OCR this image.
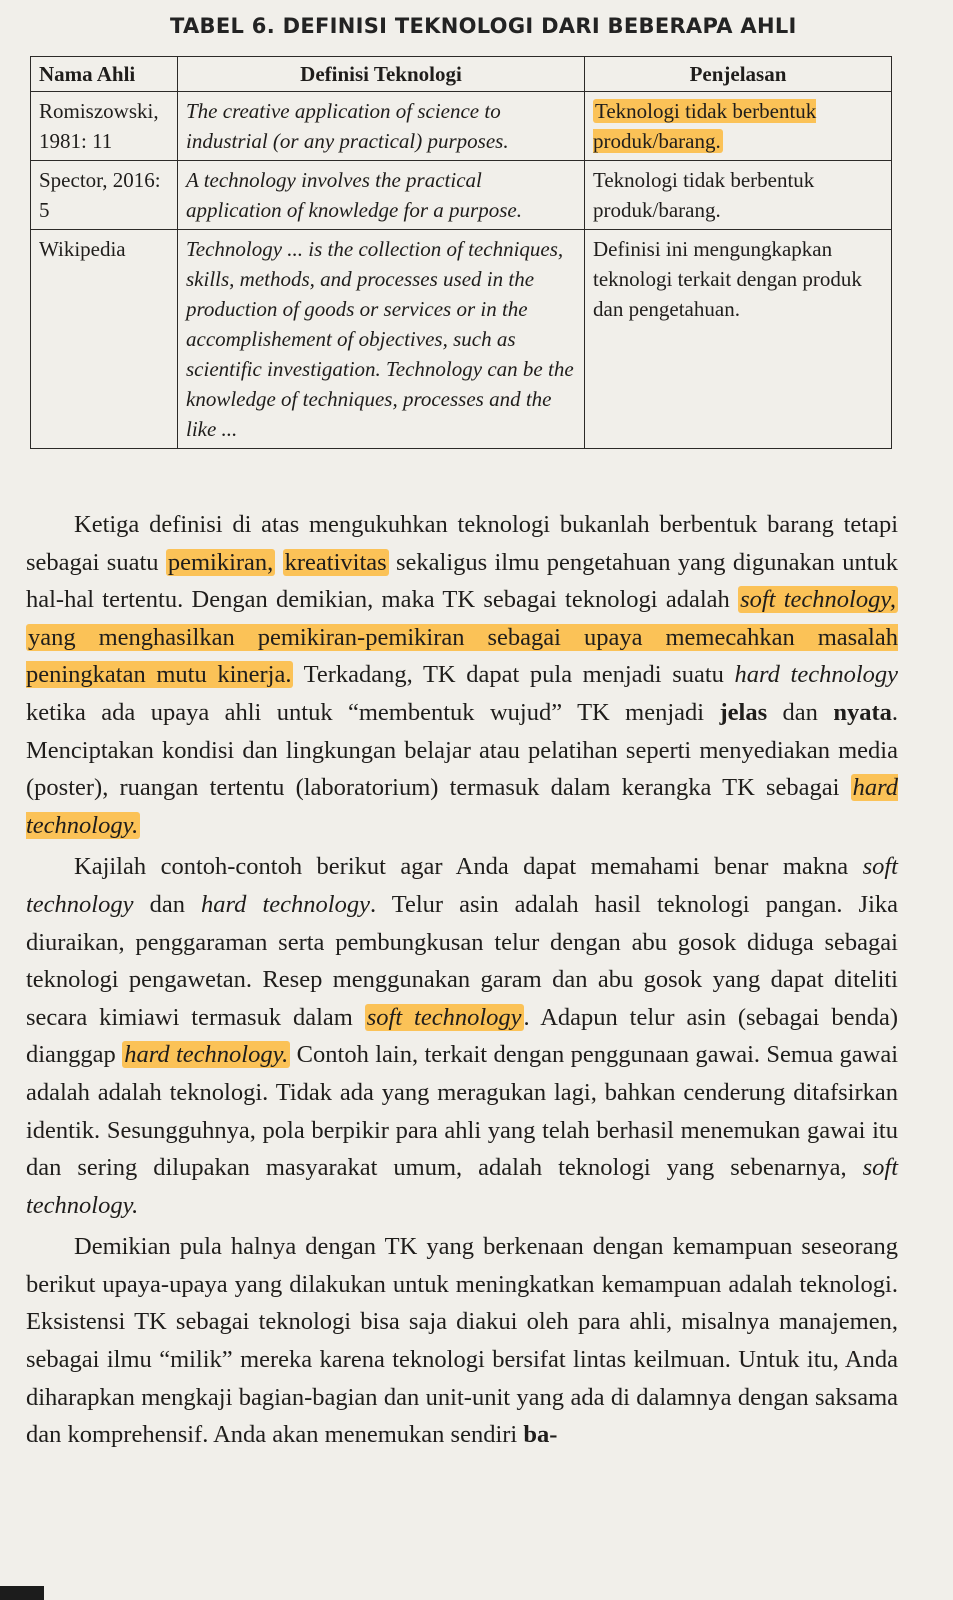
TABEL 6. DEFINISI TEKNOLOGI DARI BEBERAPA AHLI
Nama Ahli	Definisi Teknologi	Penjelasan
Romiszowski, 1981: 11	The creative application of science to industrial (or any practical) purposes.	Teknologi tidak berbentuk produk/barang.
Spector, 2016: 5	A technology involves the practical application of knowledge for a purpose.	Teknologi tidak berbentuk produk/barang.
Wikipedia	Technology ... is the collection of techniques, skills, methods, and processes used in the production of goods or services or in the accomplishement of objectives, such as scientific investigation. Technology can be the knowledge of techniques, processes and the like ...	Definisi ini mengungkapkan teknologi terkait dengan produk dan pengetahuan.

Ketiga definisi di atas mengukuhkan teknologi bukanlah berbentuk barang tetapi sebagai suatu pemikiran, kreativitas sekaligus ilmu pengetahuan yang digunakan untuk hal-hal tertentu. Dengan demikian, maka TK sebagai teknologi adalah soft technology, yang menghasilkan pemikiran-pemikiran sebagai upaya memecahkan masalah peningkatan mutu kinerja. Terkadang, TK dapat pula menjadi suatu hard technology ketika ada upaya ahli untuk “membentuk wujud” TK menjadi jelas dan nyata. Menciptakan kondisi dan lingkungan belajar atau pelatihan seperti menyediakan media (poster), ruangan tertentu (laboratorium) termasuk dalam kerangka TK sebagai hard technology.

Kajilah contoh-contoh berikut agar Anda dapat memahami benar makna soft technology dan hard technology. Telur asin adalah hasil teknologi pangan. Jika diuraikan, penggaraman serta pembungkusan telur dengan abu gosok diduga sebagai teknologi pengawetan. Resep menggunakan garam dan abu gosok yang dapat diteliti secara kimiawi termasuk dalam soft technology. Adapun telur asin (sebagai benda) dianggap hard technology. Contoh lain, terkait dengan penggunaan gawai. Semua gawai adalah adalah teknologi. Tidak ada yang meragukan lagi, bahkan cenderung ditafsirkan identik. Sesungguhnya, pola berpikir para ahli yang telah berhasil menemukan gawai itu dan sering dilupakan masyarakat umum, adalah teknologi yang sebenarnya, soft technology.

Demikian pula halnya dengan TK yang berkenaan dengan kemampuan seseorang berikut upaya-upaya yang dilakukan untuk meningkatkan kemampuan adalah teknologi. Eksistensi TK sebagai teknologi bisa saja diakui oleh para ahli, misalnya manajemen, sebagai ilmu “milik” mereka karena teknologi bersifat lintas keilmuan. Untuk itu, Anda diharapkan mengkaji bagian-bagian dan unit-unit yang ada di dalamnya dengan saksama dan komprehensif. Anda akan menemukan sendiri ba-
